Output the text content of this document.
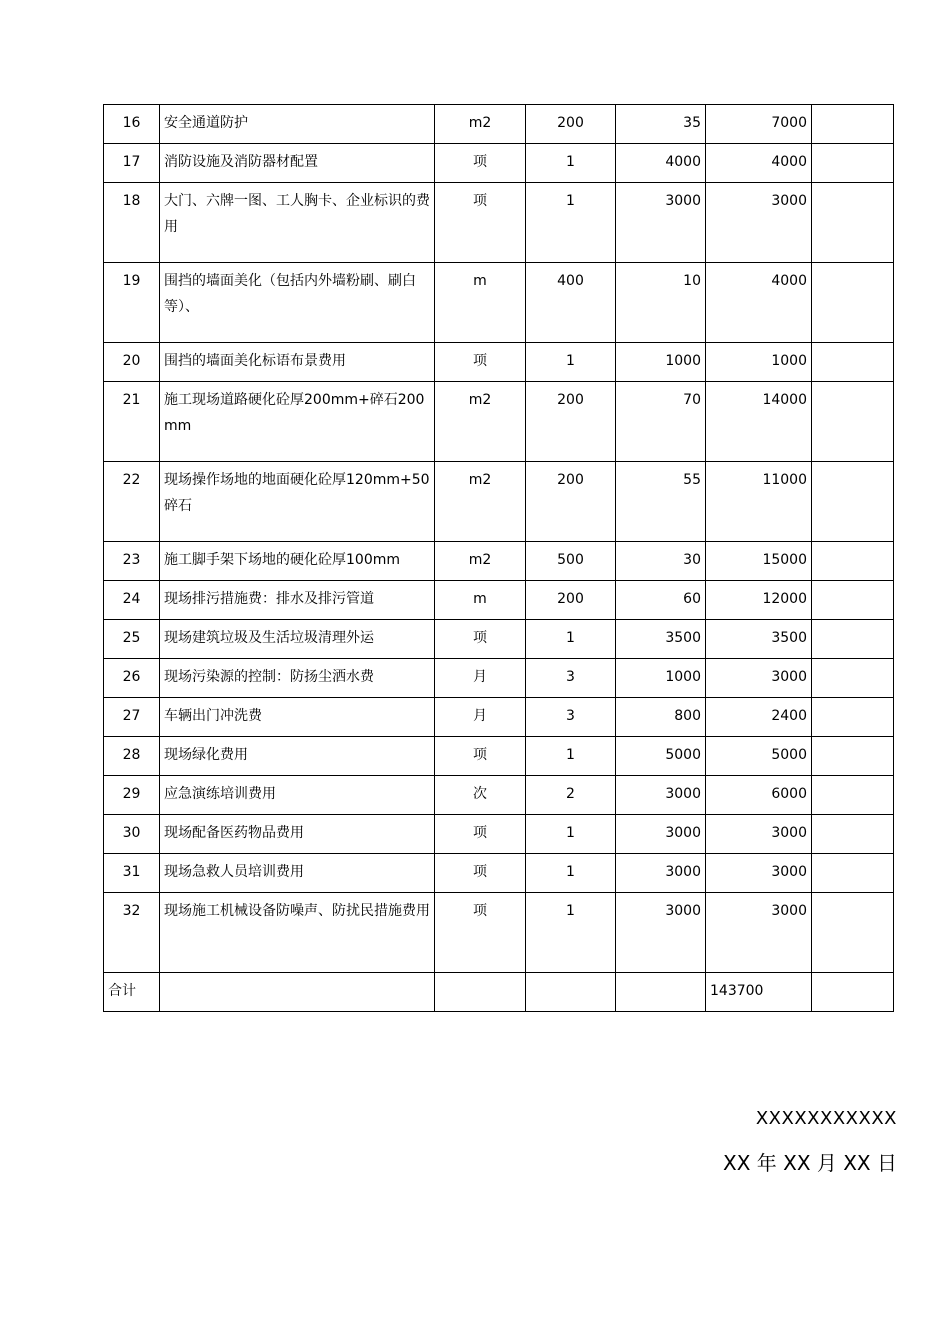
16	安全通道防护	m2	200	35	7000	
17	消防设施及消防器材配置	项	1	4000	4000	
18	大门、六牌一图、工人胸卡、企业标识的费用	项	1	3000	3000	
19	围挡的墙面美化（包括内外墙粉刷、刷白等）、	m	400	10	4000	
20	围挡的墙面美化标语布景费用	项	1	1000	1000	
21	施工现场道路硬化砼厚200mm+碎石200mm	m2	200	70	14000	
22	现场操作场地的地面硬化砼厚120mm+50碎石	m2	200	55	11000	
23	施工脚手架下场地的硬化砼厚100mm	m2	500	30	15000	
24	现场排污措施费：排水及排污管道	m	200	60	12000	
25	现场建筑垃圾及生活垃圾清理外运	项	1	3500	3500	
26	现场污染源的控制：防扬尘洒水费	月	3	1000	3000	
27	车辆出门冲洗费	月	3	800	2400	
28	现场绿化费用	项	1	5000	5000	
29	应急演练培训费用	次	2	3000	6000	
30	现场配备医药物品费用	项	1	3000	3000	
31	现场急救人员培训费用	项	1	3000	3000	
32	现场施工机械设备防噪声、防扰民措施费用	项	1	3000	3000	
合计					143700	
XXXXXXXXXXX
XX 年 XX 月 XX 日
